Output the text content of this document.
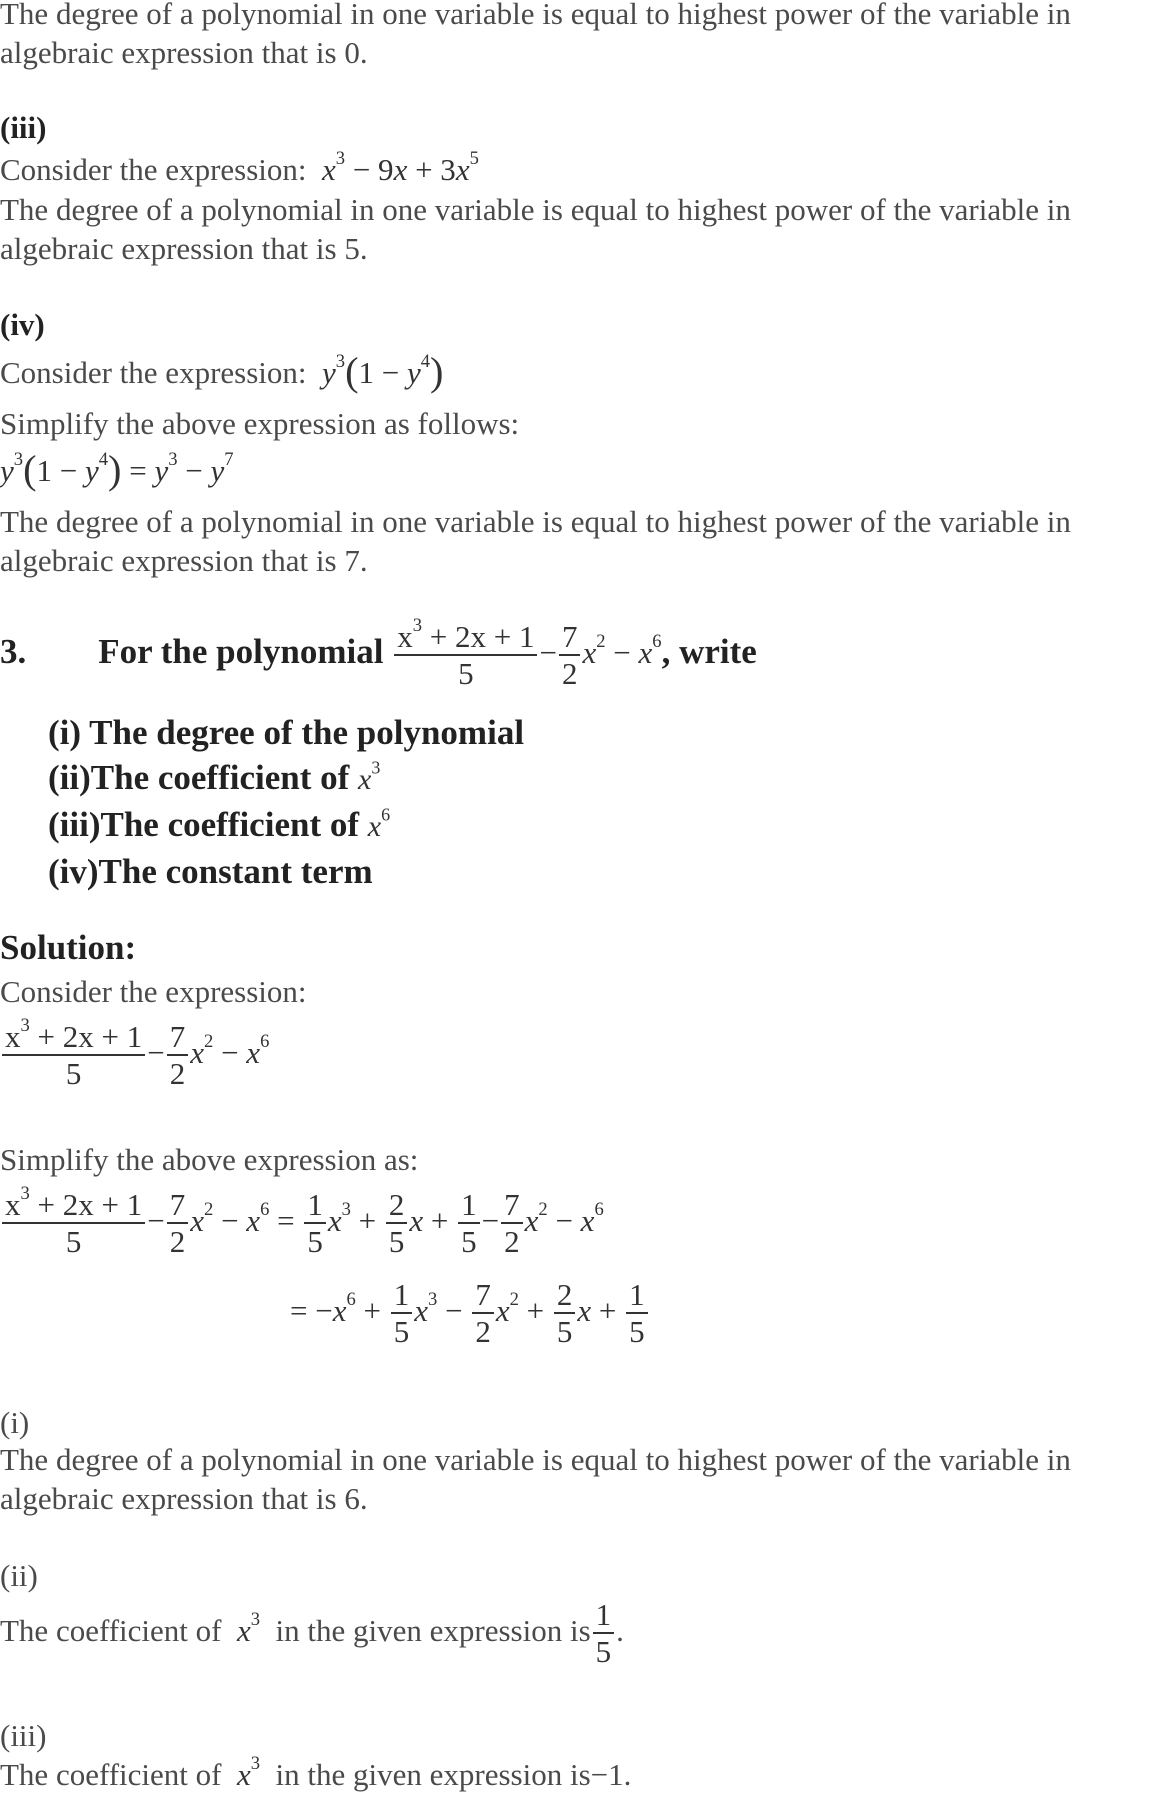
The degree of a polynomial in one variable is equal to highest power of the variable in
algebraic expression that is 0.
(iii)
Consider the expression:  $x^3 - 9x + 3x^5$
The degree of a polynomial in one variable is equal to highest power of the variable in
algebraic expression that is 5.
(iv)
Consider the expression:  $y^3(1 - y^4)$
Simplify the above expression as follows:
$y^3(1 - y^4) = y^3 - y^7$
The degree of a polynomial in one variable is equal to highest power of the variable in
algebraic expression that is 7.
3. For the polynomial $\frac{x^3 + 2x + 1}{5} - \frac{7}{2} x^2 - x^6$, write
(i) The degree of the polynomial
(ii)The coefficient of $x^3$
(iii)The coefficient of $x^6$
(iv)The constant term
Solution:
Consider the expression:
$\frac{x^3 + 2x + 1}{5} - \frac{7}{2} x^2 - x^6$
Simplify the above expression as:
$\frac{x^3 + 2x + 1}{5} - \frac{7}{2} x^2 - x^6 = \frac{1}{5} x^3 + \frac{2}{5}$ $x + \frac{1}{5} - \frac{7}{2} x^2 - x^6$
= $-x^6 + \frac{1}{5} x^3 - \frac{7}{2} x^2 + \frac{2}{5}$ $x + \frac{1}{5}$
(i)
The degree of a polynomial in one variable is equal to highest power of the variable in
algebraic expression that is 6.
(ii)
The coefficient of  $x^3$ in the given expression is $\frac{1}{5}$ .
(iii)
The coefficient of  $x^3$ in the given expression is−1.
